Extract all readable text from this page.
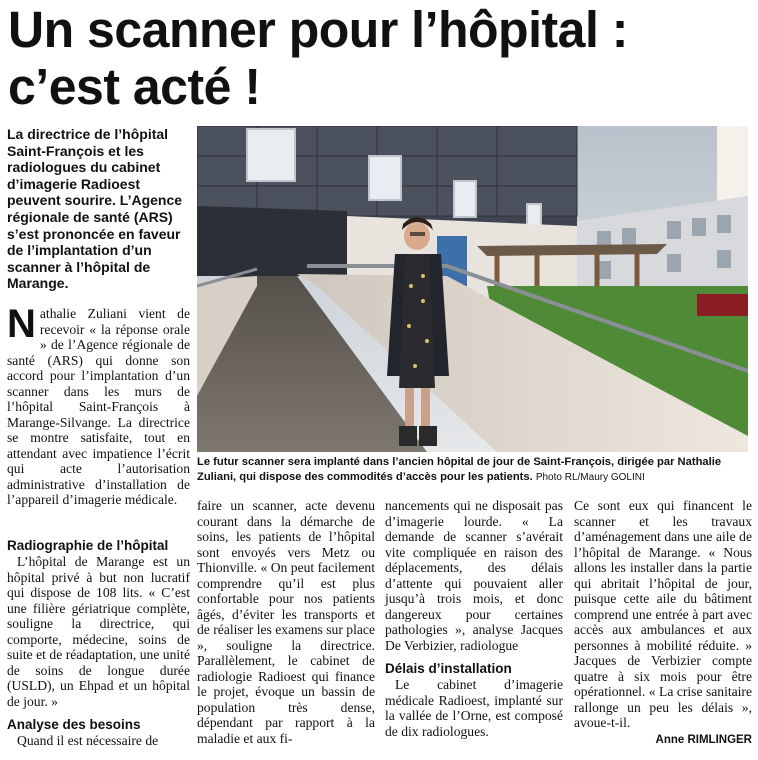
Un scanner pour l’hôpital :
c’est acté !
La directrice de l’hôpital Saint-François et les radiologues du cabinet d’imagerie Radioest peuvent sourire. L’Agence régionale de santé (ARS) s’est prononcée en faveur de l’implantation d’un scanner à l’hôpital de Marange.
Nathalie Zuliani vient de recevoir « la réponse orale » de l’Agence régionale de santé (ARS) qui donne son accord pour l’implantation d’un scanner dans les murs de l’hôpital Saint-François à Marange-Silvange. La directrice se montre satisfaite, tout en attendant avec impatience l’écrit qui acte l’autorisation administrative d’installation de l’appareil d’imagerie médicale.
Le futur scanner sera implanté dans l’ancien hôpital de jour de Saint-François, dirigée par Nathalie Zuliani, qui dispose des commodités d’accès pour les patients. Photo RL/Maury GOLINI
Radiographie de l’hôpital

L’hôpital de Marange est un hôpital privé à but non lucratif qui dispose de 108 lits. « C’est une filière gériatrique complète, souligne la directrice, qui comporte, médecine, soins de suite et de réadaptation, une unité de soins de longue durée (USLD), un Ehpad et un hôpital de jour. »

Analyse des besoins

Quand il est nécessaire de

faire un scanner, acte devenu courant dans la démarche de soins, les patients de l’hôpital sont envoyés vers Metz ou Thionville. « On peut facilement comprendre qu’il est plus confortable pour nos patients âgés, d’éviter les transports et de réaliser les examens sur place », souligne la directrice. Parallèlement, le cabinet de radiologie Radioest qui finance le projet, évoque un bassin de population très dense, dépendant par rapport à la maladie et aux fi-

nancements qui ne disposait pas d’imagerie lourde. « La demande de scanner s’avérait vite compliquée en raison des déplacements, des délais d’attente qui pouvaient aller jusqu’à trois mois, et donc dangereux pour certaines pathologies », analyse Jacques De Verbizier, radiologue

Délais d’installation

Le cabinet d’imagerie médicale Radioest, implanté sur la vallée de l’Orne, est composé de dix radiologues.

Ce sont eux qui financent le scanner et les travaux d’aménagement dans une aile de l’hôpital de Marange. « Nous allons les installer dans la partie qui abritait l’hôpital de jour, puisque cette aile du bâtiment comprend une entrée à part avec accès aux ambulances et aux personnes à mobilité réduite. » Jacques de Verbizier compte quatre à six mois pour être opérationnel. « La crise sanitaire rallonge un peu les délais », avoue-t-il.

Anne RIMLINGER
